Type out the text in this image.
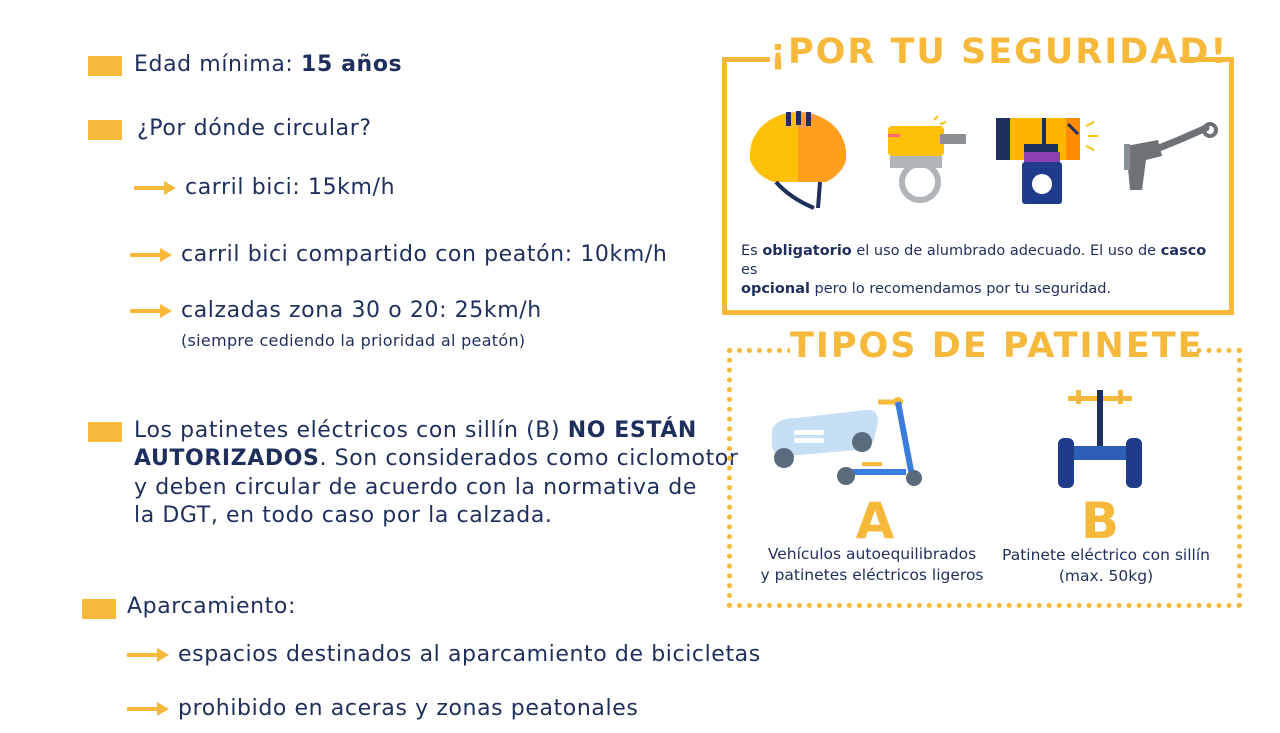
Edad mínima: 15 años
¿Por dónde circular?
carril bici: 15km/h
carril bici compartido con peatón: 10km/h
calzadas zona 30 o 20: 25km/h
(siempre cediendo la prioridad al peatón)
Los patinetes eléctricos con sillín (B) NO ESTÁN
AUTORIZADOS. Son considerados como ciclomotor
y deben circular de acuerdo con la normativa de
la DGT, en todo caso por la calzada.
Aparcamiento:
espacios destinados al aparcamiento de bicicletas
prohibido en aceras y zonas peatonales
¡POR TU SEGURIDAD!
Es obligatorio el uso de alumbrado adecuado. El uso de casco es
opcional pero lo recomendamos por tu seguridad.
TIPOS DE PATINETE
A	B
Vehículos autoequilibrados
y patinetes eléctricos ligeros
Patinete eléctrico con sillín
(max. 50kg)
